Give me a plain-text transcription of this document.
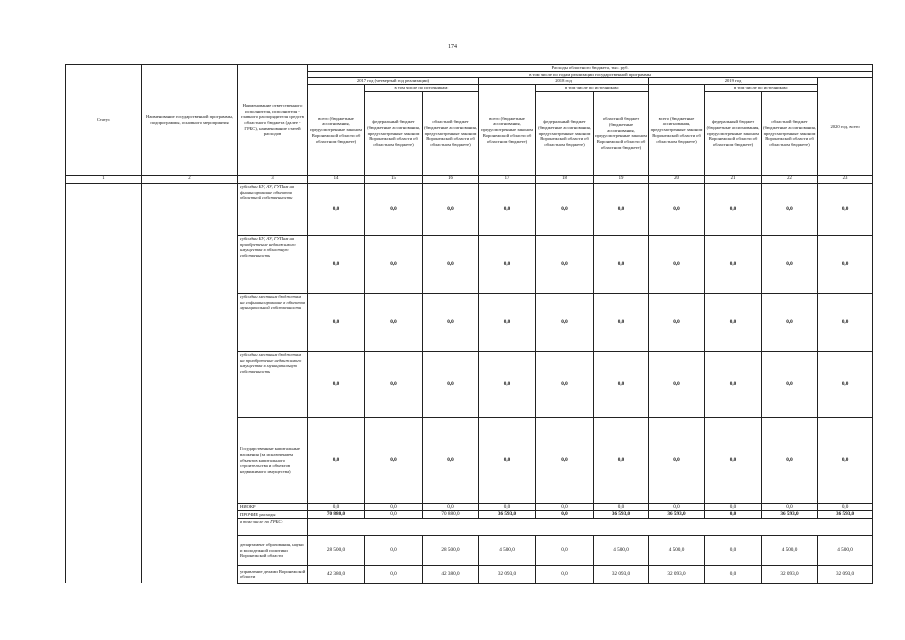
174
Статус	Наименование государственной программы, подпрограммы, основного мероприятия	Наименование ответственного исполнителя, исполнителя - главного распорядителя средств областного бюджета (далее - ГРБС), наименование статей расходов	Расходы областного бюджета, тыс. руб.									
			в том числе по годам реализации государственной программы									
			2017 год (четвертый год реализации)			2018 год			2019 год			2020 год, всего
			всего (бюджетные ассигнования, предусмотренные законом Воронежской области об областном бюджете)	в том числе по источникам:		всего (бюджетные ассигнования, предусмотренные законом Воронежской области об областном бюджете)	в том числе по источникам:		всего (бюджетные ассигнования, предусмотренные законом Воронежской области об областном бюджете)	в том числе по источникам:		
				федеральный бюджет (бюджетные ассигнования, предусмотренные законом Воронежской области об областном бюджете)	областной бюджет (бюджетные ассигнования, предусмотренные законом Воронежской области об областном бюджете)		федеральный бюджет (бюджетные ассигнования, предусмотренные законом Воронежской области об областном бюджете)	областной бюджет (бюджетные ассигнования, предусмотренные законом Воронежской области об областном бюджете)		федеральный бюджет (бюджетные ассигнования, предусмотренные законом Воронежской области об областном бюджете)	областной бюджет (бюджетные ассигнования, предусмотренные законом Воронежской области об областном бюджете)	
1	2	3	14	15	16	17	18	19	20	21	22	23
		субсидии БУ, АУ, ГУПам на финансирование объектов областной собственности	0,0	0,0	0,0	0,0	0,0	0,0	0,0	0,0	0,0	0,0
		субсидии БУ, АУ, ГУПам на приобретение недвижимого имущества в областную собственность	0,0	0,0	0,0	0,0	0,0	0,0	0,0	0,0	0,0	0,0
		субсидии местным бюджетам на софинансирование в объектов муниципальной собственности	0,0	0,0	0,0	0,0	0,0	0,0	0,0	0,0	0,0	0,0
		субсидии местным бюджетам на приобретение недвижимого имущества в муниципальную собственность	0,0	0,0	0,0	0,0	0,0	0,0	0,0	0,0	0,0	0,0
		Государственные капитальные вложения (за исключением объектов капитального строительства и объектов недвижимого имущества)	0,0	0,0	0,0	0,0	0,0	0,0	0,0	0,0	0,0	0,0
		НИОКР	0,0	0,0	0,0	0,0	0,0	0,0	0,0	0,0	0,0	0,0
		ПРОЧИЕ расходы	70 880,0	0,0	70 880,0	36 593,0	0,0	36 593,0	36 593,0	0,0	36 593,0	36 593,0
		в том числе по ГРБС:										
		департамент образования, науки и молодежной политики Воронежской области	28 500,0	0,0	28 500,0	4 500,0	0,0	4 500,0	4 500,0	0,0	4 500,0	4 500,0
		управление делами Воронежской области	42 380,0	0,0	42 380,0	32 093,0	0,0	32 093,0	32 093,0	0,0	32 093,0	32 093,0
